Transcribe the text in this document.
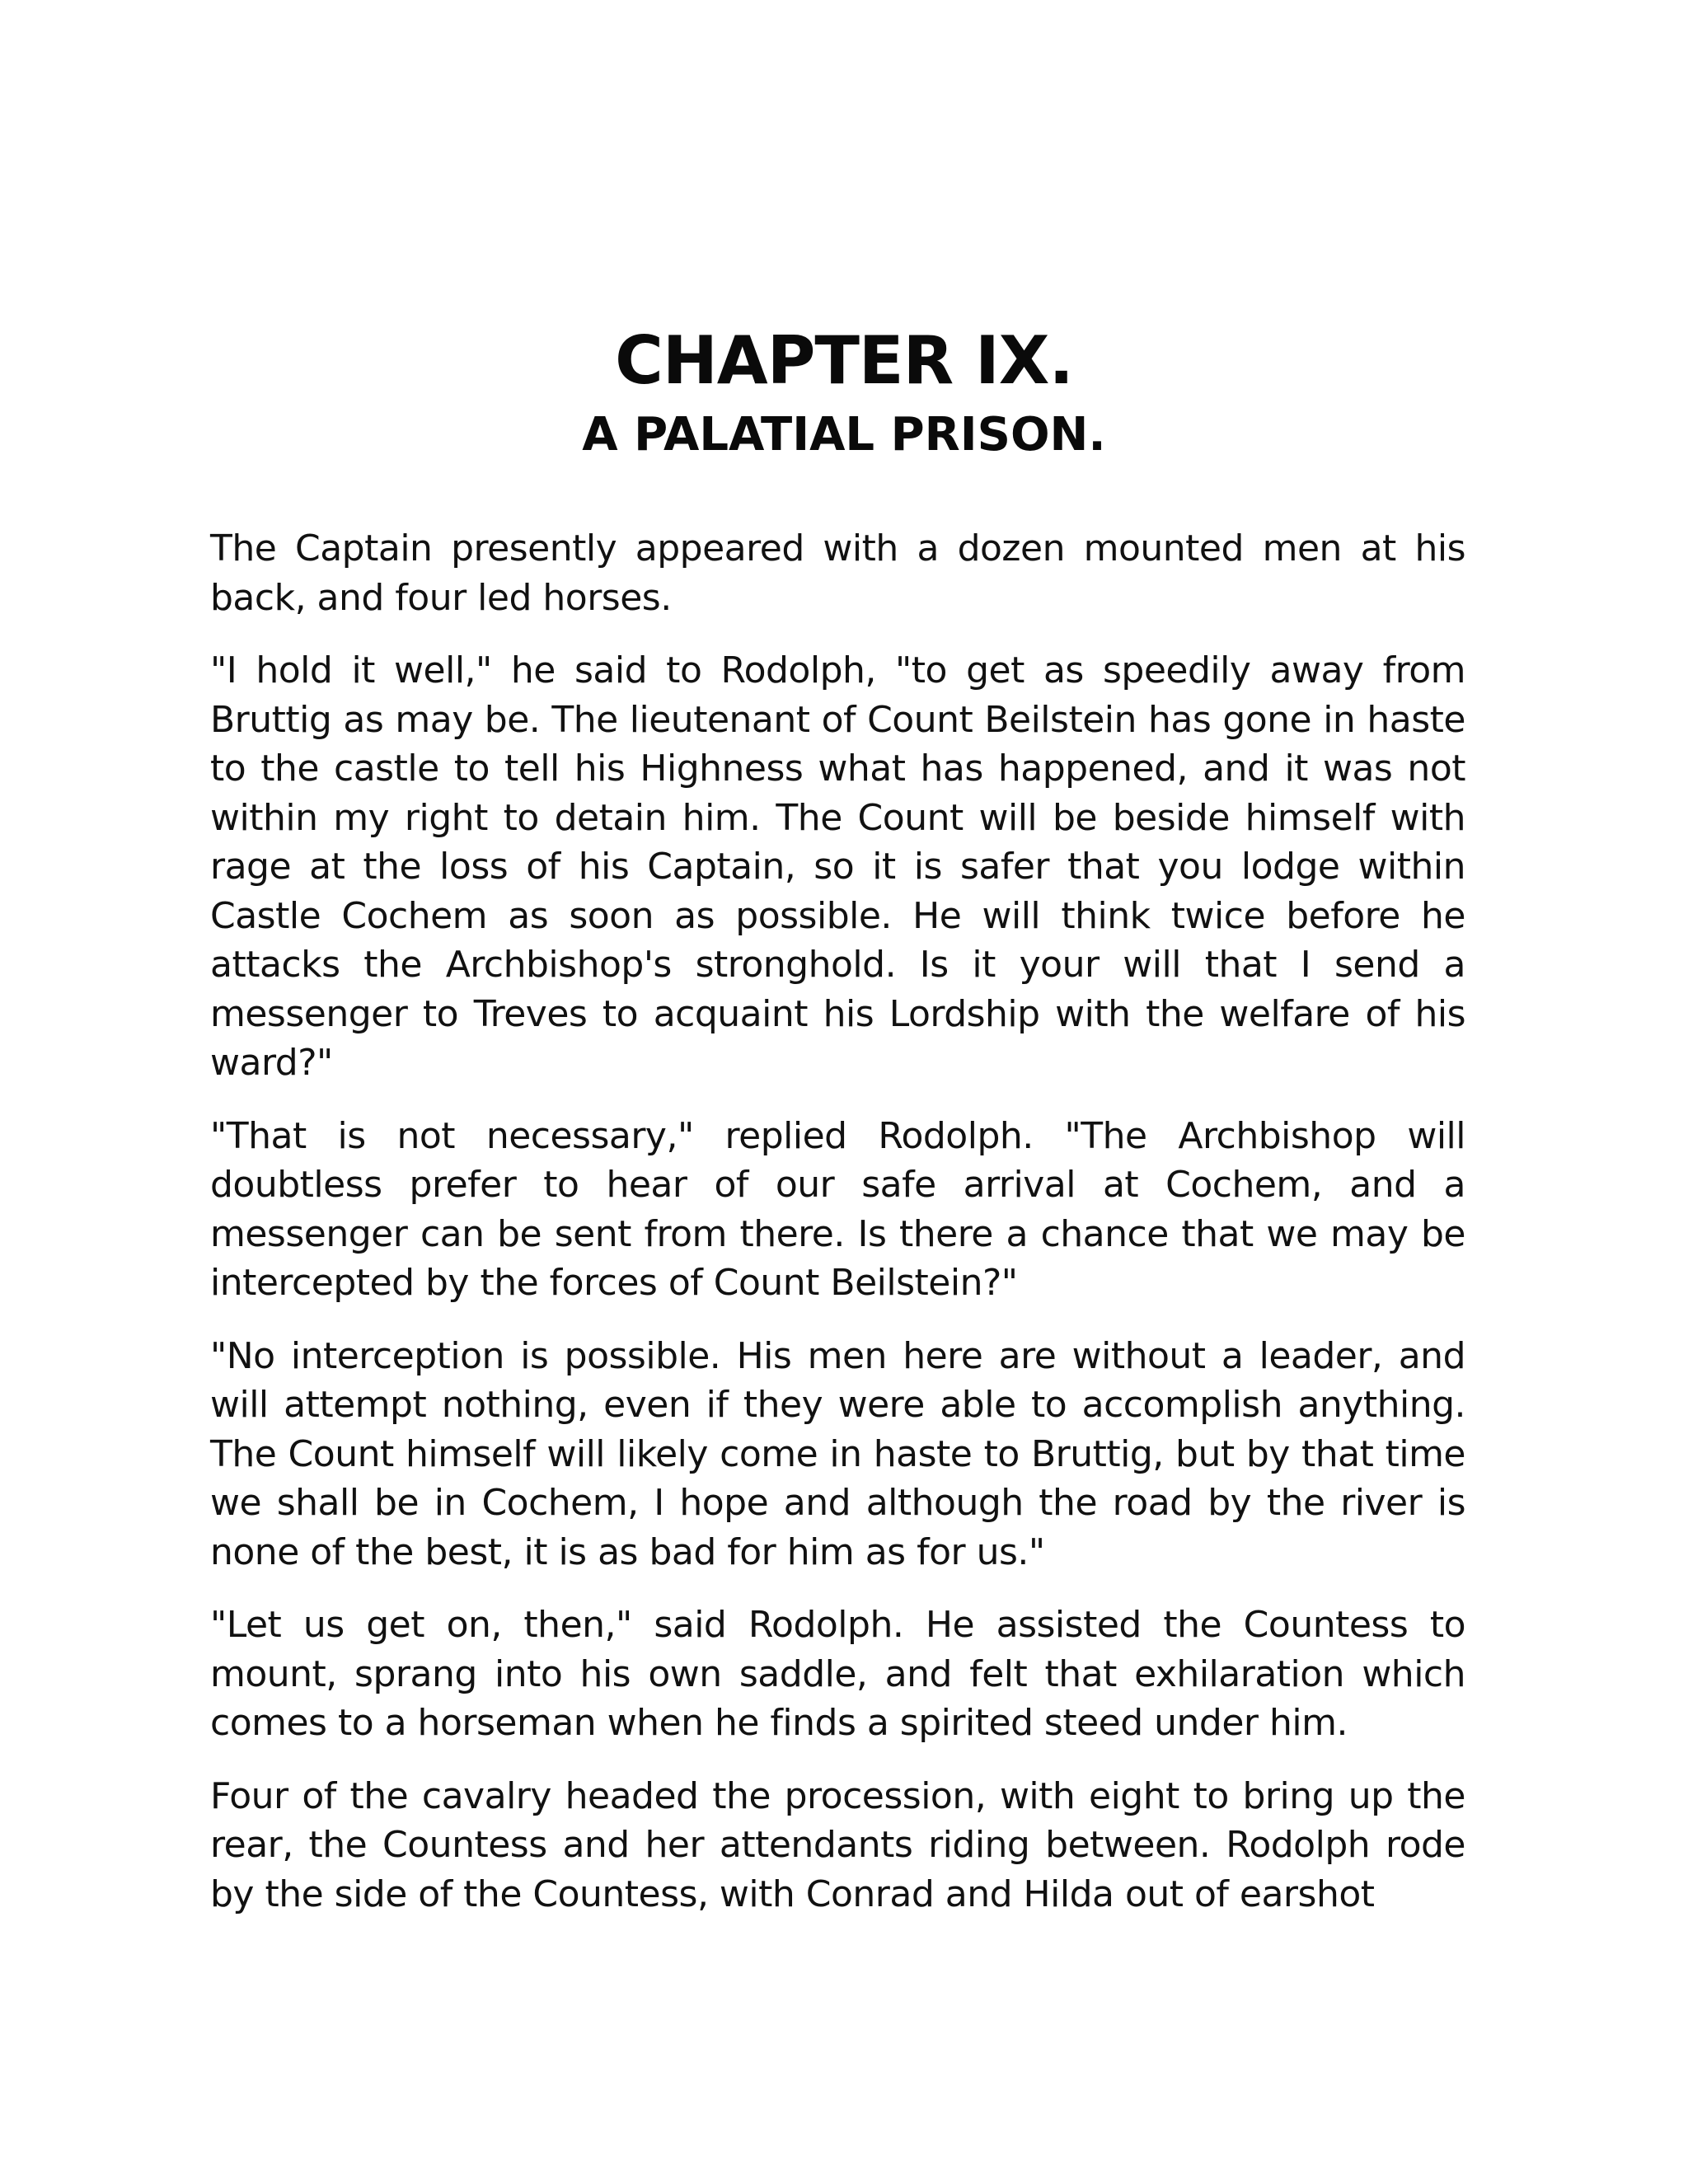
CHAPTER IX.
A PALATIAL PRISON.

The Captain presently appeared with a dozen mounted men at his back, and four led horses.

"I hold it well," he said to Rodolph, "to get as speedily away from Bruttig as may be. The lieutenant of Count Beilstein has gone in haste to the castle to tell his Highness what has happened, and it was not within my right to detain him. The Count will be beside himself with rage at the loss of his Captain, so it is safer that you lodge within Castle Cochem as soon as possible. He will think twice before he attacks the Archbishop's stronghold. Is it your will that I send a messenger to Treves to acquaint his Lordship with the welfare of his ward?"

"That is not necessary," replied Rodolph. "The Archbishop will doubtless prefer to hear of our safe arrival at Cochem, and a messenger can be sent from there. Is there a chance that we may be intercepted by the forces of Count Beilstein?"

"No interception is possible. His men here are without a leader, and will attempt nothing, even if they were able to accomplish anything. The Count himself will likely come in haste to Bruttig, but by that time we shall be in Cochem, I hope and although the road by the river is none of the best, it is as bad for him as for us."

"Let us get on, then," said Rodolph. He assisted the Countess to mount, sprang into his own saddle, and felt that exhilaration which comes to a horseman when he finds a spirited steed under him.

Four of the cavalry headed the procession, with eight to bring up the rear, the Countess and her attendants riding between. Rodolph rode by the side of the Countess, with Conrad and Hilda out of earshot
